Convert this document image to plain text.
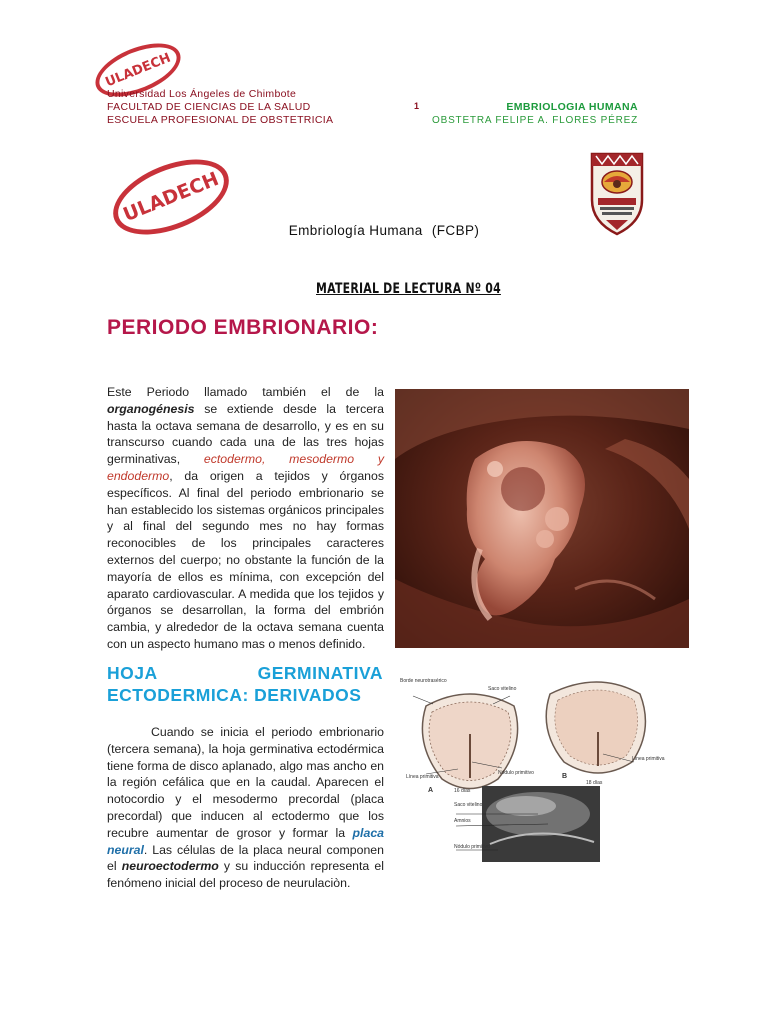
ULADECH
Universidad Los Ángeles de Chimbote
FACULTAD DE CIENCIAS DE LA SALUD
ESCUELA PROFESIONAL DE OBSTETRICIA
1	EMBRIOLOGIA HUMANA
OBSTETRA FELIPE A. FLORES PÉREZ
ULADECH
Embriología Humana (FCBP)
MATERIAL DE LECTURA Nº 04
PERIODO EMBRIONARIO:
Este Periodo llamado también el de la organogénesis se extiende desde la tercera hasta la octava semana de desarrollo, y es en su transcurso cuando cada una de las tres hojas germinativas, ectodermo, mesodermo y endodermo, da origen a tejidos y órganos específicos. Al final del periodo embrionario se han establecido los sistemas orgánicos principales y al final del segundo mes no hay formas reconocibles de los principales caracteres externos del cuerpo; no obstante la función de la mayoría de ellos es mínima, con excepción del aparato cardiovascular. A medida que los tejidos y órganos se desarrollan, la forma del embrión cambia, y alrededor de la octava semana cuenta con un aspecto humano mas o menos definido.
HOJA	GERMINATIVA
ECTODERMICA: DERIVADOS
Cuando se inicia el periodo embrionario (tercera semana), la hoja germinativa ectodérmica tiene forma de disco aplanado, algo mas ancho en la región cefálica que en la caudal. Aparecen el notocordio y el mesodermo precordal (placa precordal) que inducen al ectodermo que los recubre aumentar de grosor y formar la placa neural. Las células de la placa neural componen el neuroectodermo y su inducción representa el fenómeno inicial del proceso de neurulaciòn.
Borde neurotrasérico
Saco vitelino
Línea primitiva
Nódulo primitivo
A	16 días
Línea primitiva
B
18 días
Saco vitelino
Amnios
Nódulo primitivo
